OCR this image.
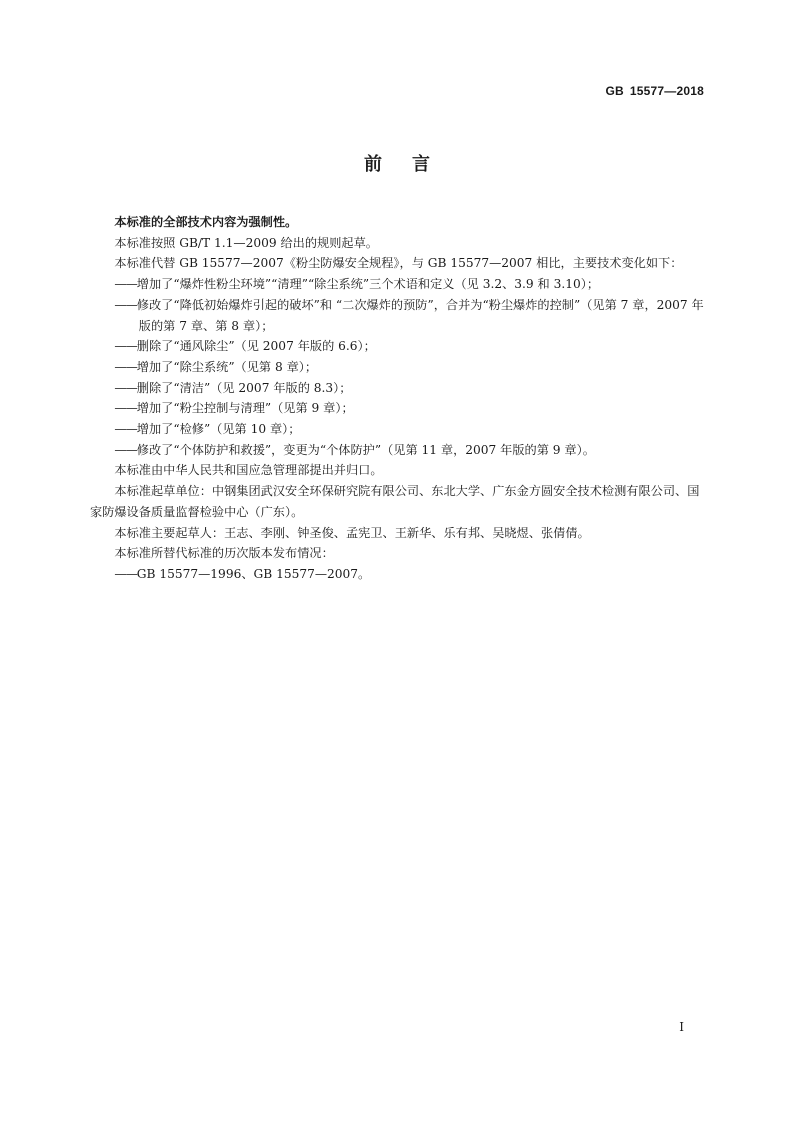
GB 15577—2018
前言

本标准的全部技术内容为强制性。

本标准按照 GB/T 1.1—2009 给出的规则起草。

本标准代替 GB 15577—2007《粉尘防爆安全规程》，与 GB 15577—2007 相比，主要技术变化如下：

——增加了“爆炸性粉尘环境”“清理”“除尘系统”三个术语和定义（见 3.2、3.9 和 3.10）；

——修改了“降低初始爆炸引起的破坏”和 “二次爆炸的预防”，合并为“粉尘爆炸的控制”（见第 7 章，2007 年版的第 7 章、第 8 章）；

——删除了“通风除尘”（见 2007 年版的 6.6）；

——增加了“除尘系统”（见第 8 章）；

——删除了“清洁”（见 2007 年版的 8.3）；

——增加了“粉尘控制与清理”（见第 9 章）；

——增加了“检修”（见第 10 章）；

——修改了“个体防护和救援”，变更为“个体防护”（见第 11 章，2007 年版的第 9 章）。

本标准由中华人民共和国应急管理部提出并归口。

本标准起草单位：中钢集团武汉安全环保研究院有限公司、东北大学、广东金方圆安全技术检测有限公司、国家防爆设备质量监督检验中心（广东）。

本标准主要起草人：王志、李刚、钟圣俊、孟宪卫、王新华、乐有邦、吴晓煜、张倩倩。

本标准所替代标准的历次版本发布情况：

——GB 15577—1996、GB 15577—2007。

I
